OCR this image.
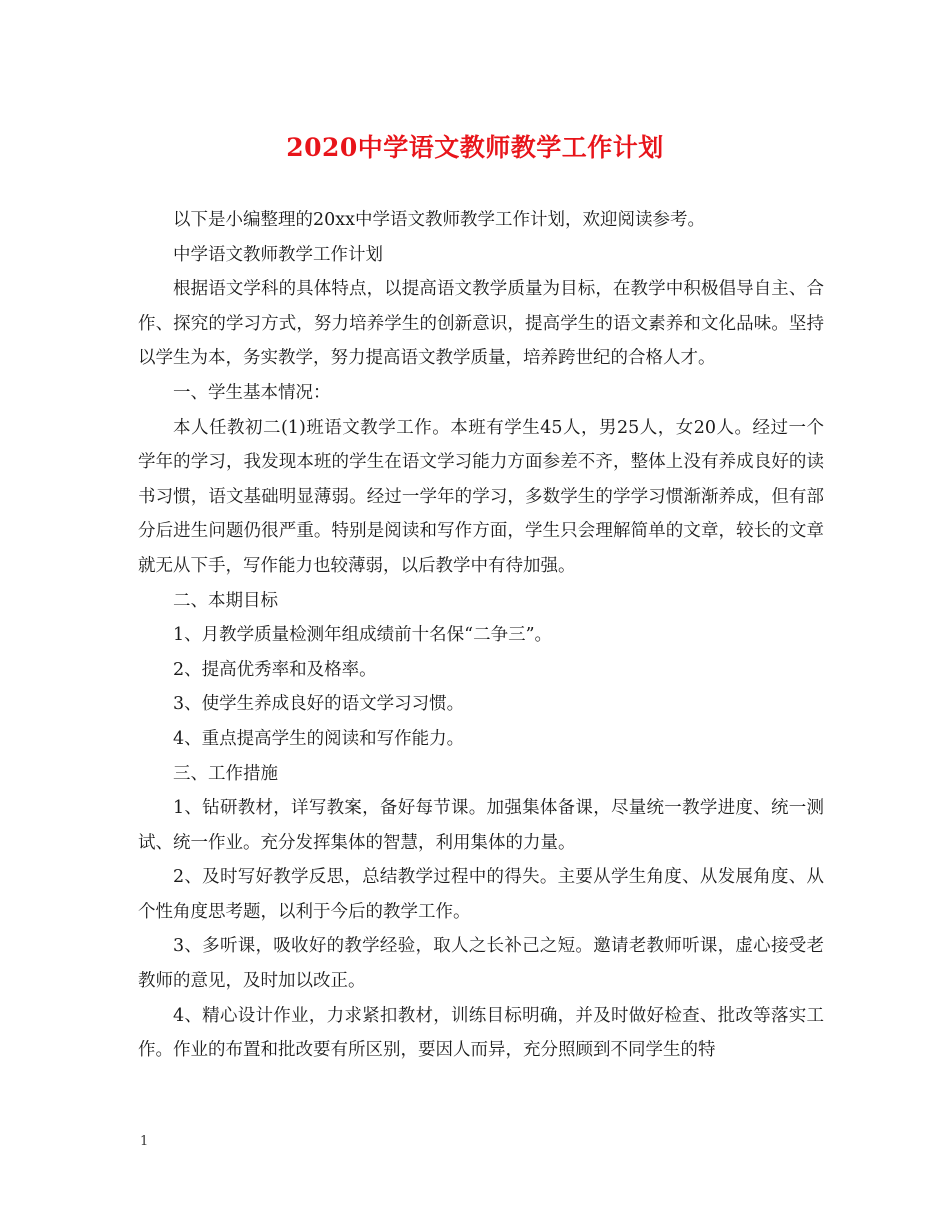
2020中学语文教师教学工作计划

以下是小编整理的20xx中学语文教师教学工作计划，欢迎阅读参考。

中学语文教师教学工作计划

根据语文学科的具体特点，以提高语文教学质量为目标，在教学中积极倡导自主、合作、探究的学习方式，努力培养学生的创新意识，提高学生的语文素养和文化品味。坚持以学生为本，务实教学，努力提高语文教学质量，培养跨世纪的合格人才。

一、学生基本情况：

本人任教初二(1)班语文教学工作。本班有学生45人，男25人，女20人。经过一个学年的学习，我发现本班的学生在语文学习能力方面参差不齐，整体上没有养成良好的读书习惯，语文基础明显薄弱。经过一学年的学习，多数学生的学学习惯渐渐养成，但有部分后进生问题仍很严重。特别是阅读和写作方面，学生只会理解简单的文章，较长的文章就无从下手，写作能力也较薄弱，以后教学中有待加强。

二、本期目标

1、月教学质量检测年组成绩前十名保“二争三”。

2、提高优秀率和及格率。

3、使学生养成良好的语文学习习惯。

4、重点提高学生的阅读和写作能力。

三、工作措施

1、钻研教材，详写教案，备好每节课。加强集体备课，尽量统一教学进度、统一测试、统一作业。充分发挥集体的智慧，利用集体的力量。

2、及时写好教学反思，总结教学过程中的得失。主要从学生角度、从发展角度、从个性角度思考题，以利于今后的教学工作。

3、多听课，吸收好的教学经验，取人之长补己之短。邀请老教师听课，虚心接受老教师的意见，及时加以改正。

4、精心设计作业，力求紧扣教材，训练目标明确，并及时做好检查、批改等落实工作。作业的布置和批改要有所区别，要因人而异，充分照顾到不同学生的特

1
